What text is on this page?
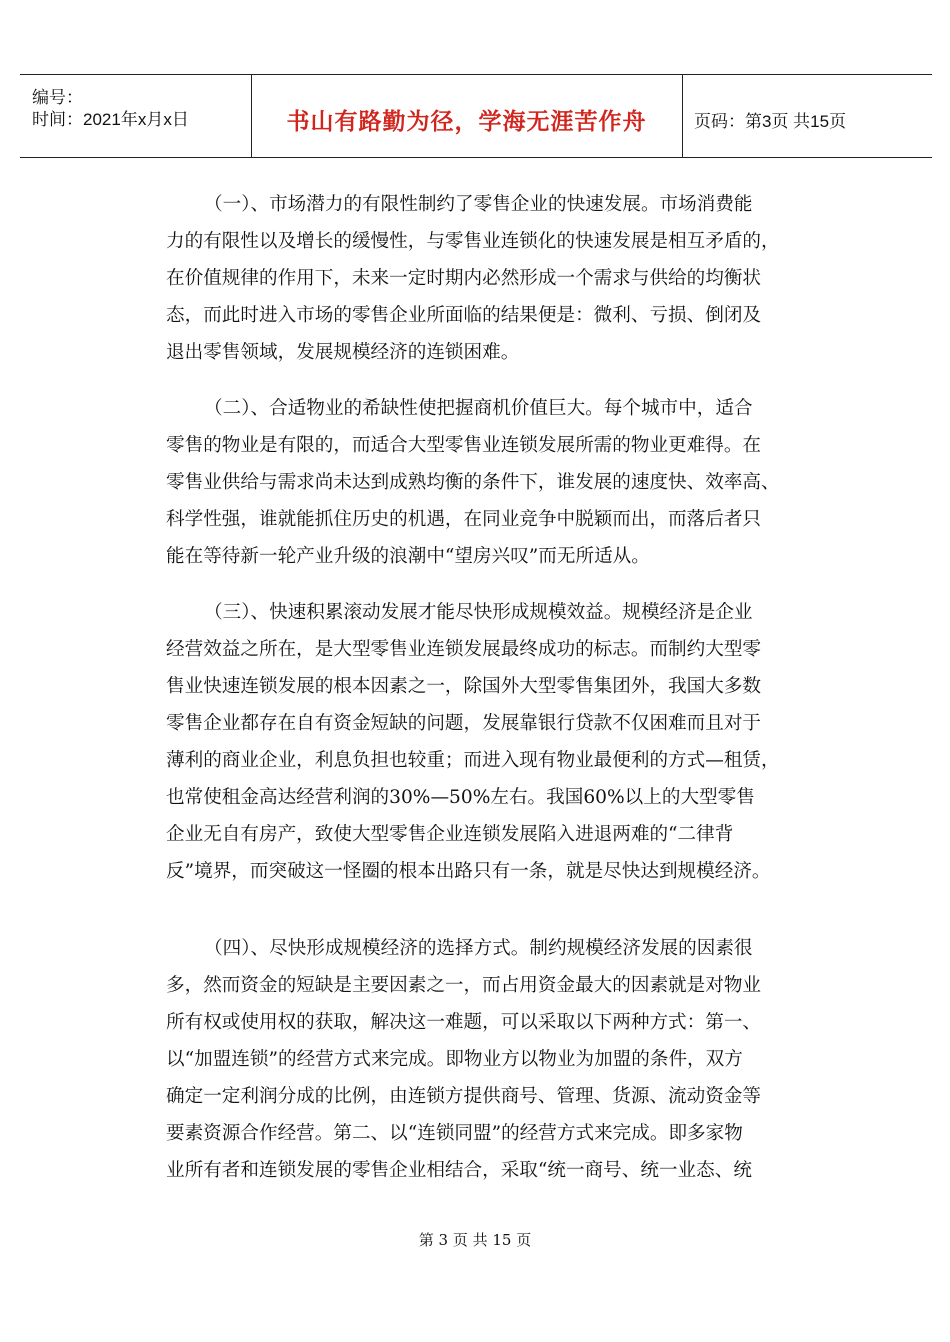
编号：
时间：2021年x月x日	书山有路勤为径，学海无涯苦作舟	页码：第3页 共15页
（一）、市场潜力的有限性制约了零售企业的快速发展。市场消费能
力的有限性以及增长的缓慢性，与零售业连锁化的快速发展是相互矛盾的，
在价值规律的作用下，未来一定时期内必然形成一个需求与供给的均衡状
态，而此时进入市场的零售企业所面临的结果便是：微利、亏损、倒闭及
退出零售领域，发展规模经济的连锁困难。
（二）、合适物业的希缺性使把握商机价值巨大。每个城市中，适合
零售的物业是有限的，而适合大型零售业连锁发展所需的物业更难得。在
零售业供给与需求尚未达到成熟均衡的条件下，谁发展的速度快、效率高、
科学性强，谁就能抓住历史的机遇，在同业竞争中脱颖而出，而落后者只
能在等待新一轮产业升级的浪潮中“望房兴叹”而无所适从。
（三）、快速积累滚动发展才能尽快形成规模效益。规模经济是企业
经营效益之所在，是大型零售业连锁发展最终成功的标志。而制约大型零
售业快速连锁发展的根本因素之一，除国外大型零售集团外，我国大多数
零售企业都存在自有资金短缺的问题，发展靠银行贷款不仅困难而且对于
薄利的商业企业，利息负担也较重；而进入现有物业最便利的方式—租赁，
也常使租金高达经营利润的30%—50%左右。我国60%以上的大型零售
企业无自有房产，致使大型零售企业连锁发展陷入进退两难的“二律背
反”境界，而突破这一怪圈的根本出路只有一条，就是尽快达到规模经济。
（四）、尽快形成规模经济的选择方式。制约规模经济发展的因素很
多，然而资金的短缺是主要因素之一，而占用资金最大的因素就是对物业
所有权或使用权的获取，解决这一难题，可以采取以下两种方式：第一、
以“加盟连锁”的经营方式来完成。即物业方以物业为加盟的条件，双方
确定一定利润分成的比例，由连锁方提供商号、管理、货源、流动资金等
要素资源合作经营。第二、以“连锁同盟”的经营方式来完成。即多家物
业所有者和连锁发展的零售企业相结合，采取“统一商号、统一业态、统
第 3 页 共 15 页
